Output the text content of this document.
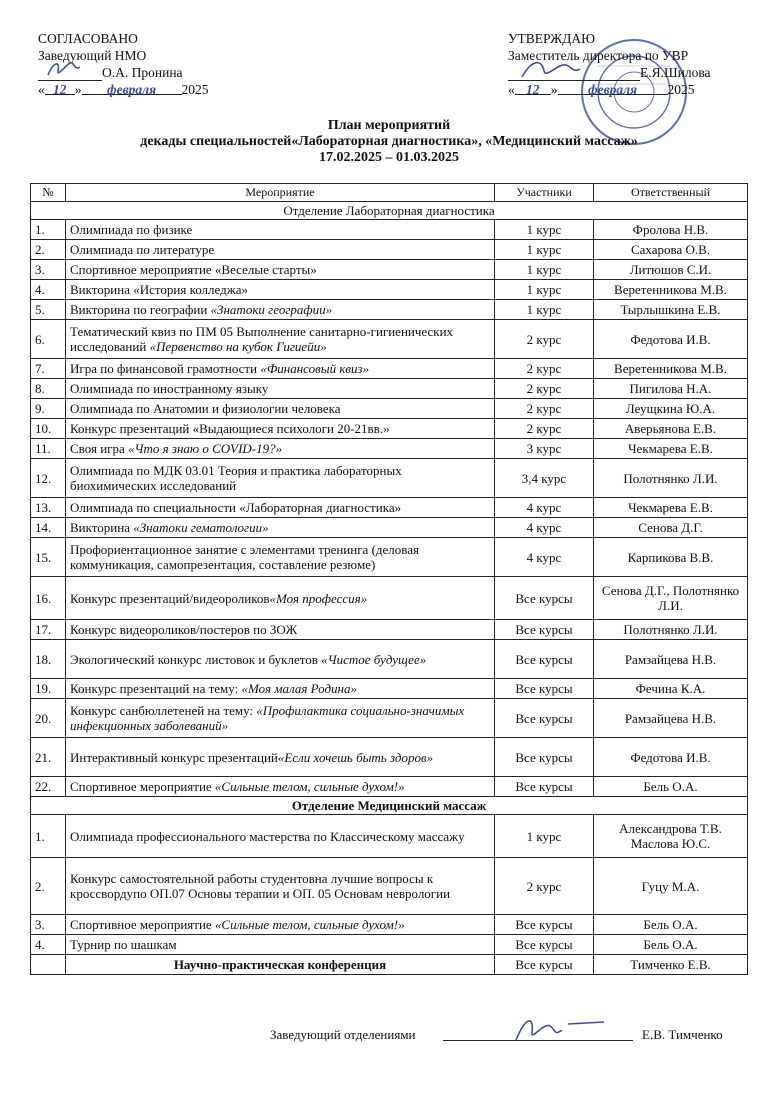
СОГЛАСОВАНО
Заведующий НМО
О.А. Пронина
« 12 » февраля 2025
УТВЕРЖДАЮ
Заместитель директора по УВР
Е.Я.Шилова
« 12 » февраля 2025
План мероприятий
декады специальностей«Лабораторная диагностика», «Медицинский массаж»
17.02.2025 – 01.03.2025
№	Мероприятие	Участники	Ответственный
Отделение Лабораторная диагностика			
1.	Олимпиада по физике	1 курс	Фролова Н.В.
2.	Олимпиада по литературе	1 курс	Сахарова О.В.
3.	Спортивное мероприятие «Веселые старты»	1 курс	Литюшов С.И.
4.	Викторина «История колледжа»	1 курс	Веретенникова М.В.
5.	Викторина по географии «Знатоки географии»	1 курс	Тырлышкина Е.В.
6.	Тематический квиз по ПМ 05 Выполнение санитарно-гигиенических исследований «Первенство на кубок Гигиейи»	2 курс	Федотова И.В.
7.	Игра по финансовой грамотности «Финансовый квиз»	2 курс	Веретенникова М.В.
8.	Олимпиада по иностранному языку	2 курс	Пигилова Н.А.
9.	Олимпиада по Анатомии и физиологии человека	2 курс	Леущкина Ю.А.
10.	Конкурс презентаций «Выдающиеся психологи 20-21вв.»	2 курс	Аверьянова Е.В.
11.	Своя игра «Что я знаю о COVID-19?»	3 курс	Чекмарева Е.В.
12.	Олимпиада по МДК 03.01 Теория и практика лабораторных биохимических исследований	3,4 курс	Полотнянко Л.И.
13.	Олимпиада по специальности «Лабораторная диагностика»	4 курс	Чекмарева Е.В.
14.	Викторина «Знатоки гематологии»	4 курс	Сенова Д.Г.
15.	Профориентационное занятие с элементами тренинга (деловая коммуникация, самопрезентация, составление резюме)	4 курс	Карпикова В.В.
16.	Конкурс презентаций/видеороликов«Моя профессия»	Все курсы	Сенова Д.Г., Полотнянко Л.И.
17.	Конкурс видеороликов/постеров по ЗОЖ	Все курсы	Полотнянко Л.И.
18.	Экологический конкурс листовок и буклетов «Чистое будущее»	Все курсы	Рамзайцева Н.В.
19.	Конкурс презентаций на тему: «Моя малая Родина»	Все курсы	Фечина К.А.
20.	Конкурс санбюллетеней на тему: «Профилактика социально-значимых инфекционных заболеваний»	Все курсы	Рамзайцева Н.В.
21.	Интерактивный конкурс презентаций«Если хочешь быть здоров»	Все курсы	Федотова И.В.
22.	Спортивное мероприятие «Сильные телом, сильные духом!»	Все курсы	Бель О.А.
Отделение Медицинский массаж			
1.	Олимпиада профессионального мастерства по Классическому массажу	1 курс	Александрова Т.В. Маслова Ю.С.
2.	Конкурс самостоятельной работы студентовна лучшие вопросы к кроссвордупо ОП.07 Основы терапии и ОП. 05 Основам неврологии	2 курс	Гуцу М.А.
3.	Спортивное мероприятие «Сильные телом, сильные духом!»	Все курсы	Бель О.А.
4.	Турнир по шашкам	Все курсы	Бель О.А.
	Научно-практическая конференция	Все курсы	Тимченко Е.В.
Заведующий отделениями	Е.В. Тимченко
